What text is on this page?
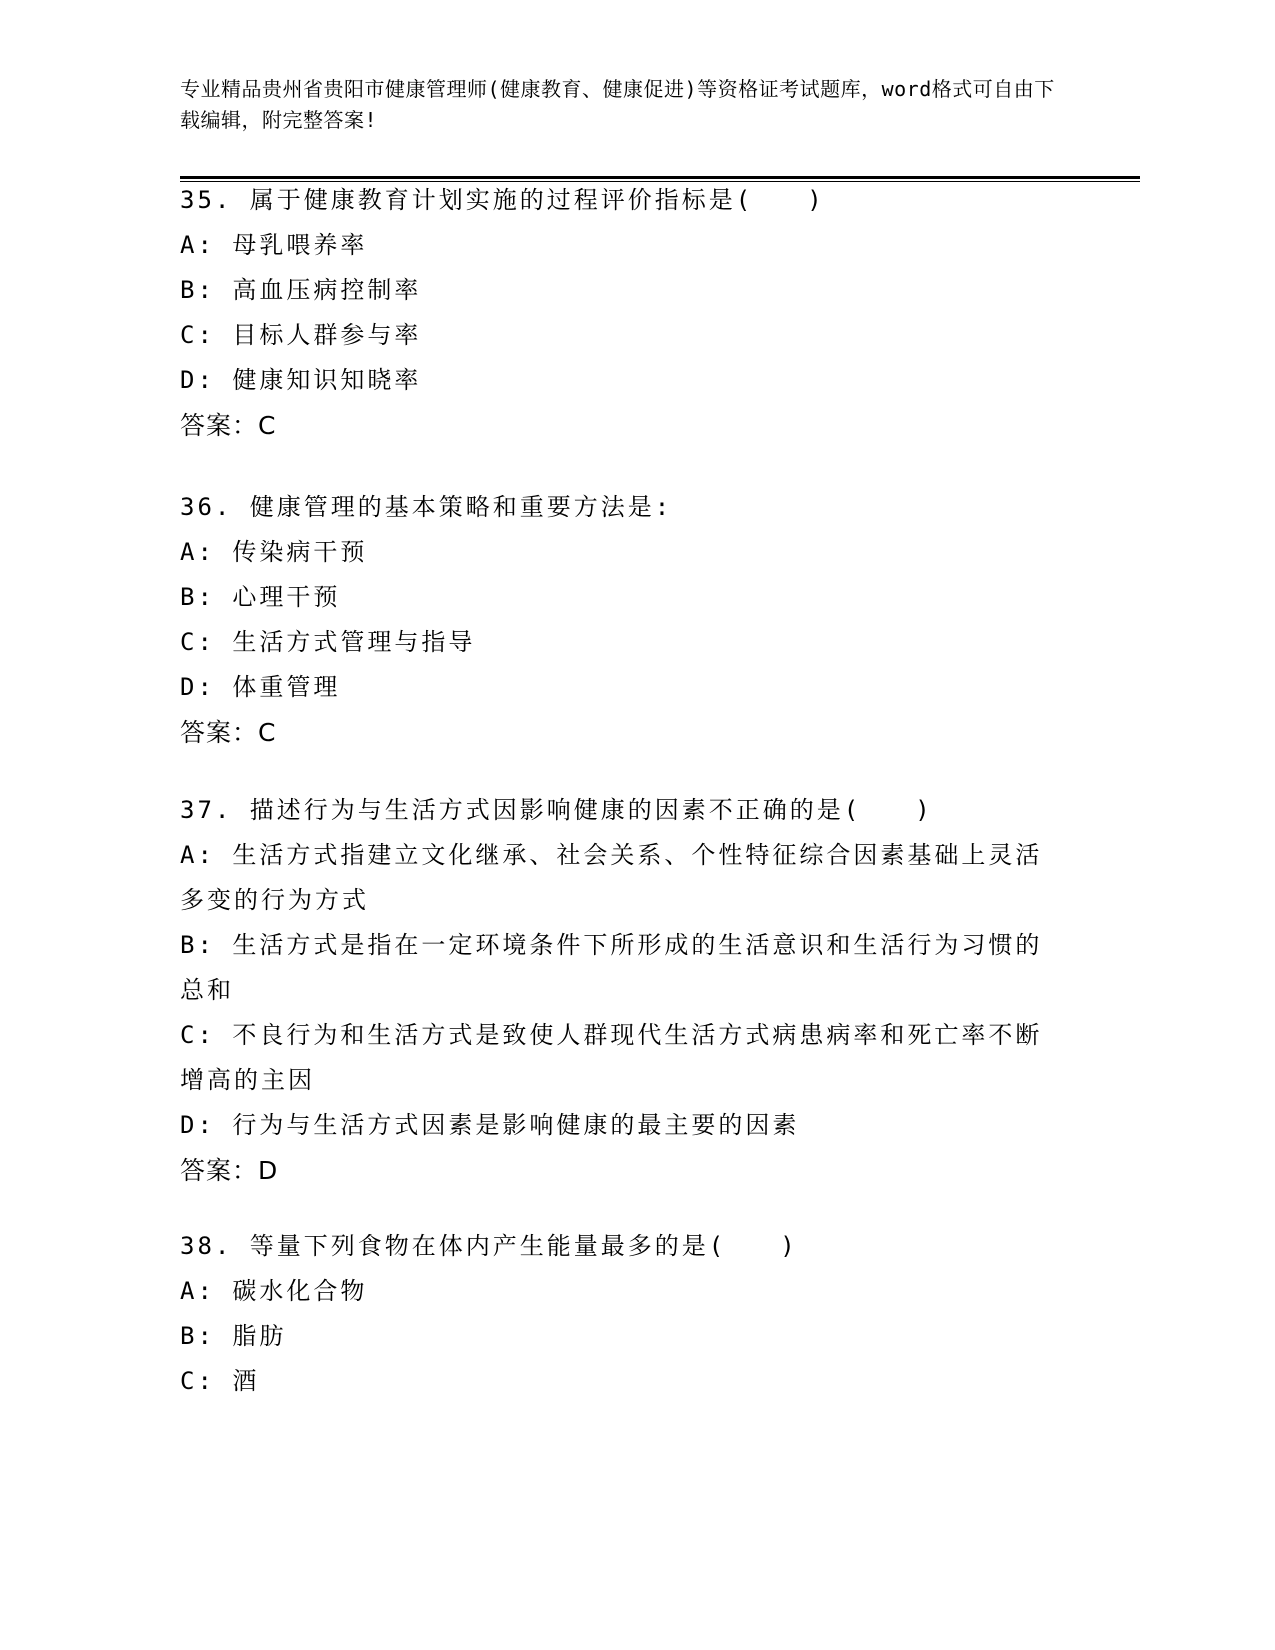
专业精品贵州省贵阳市健康管理师(健康教育、健康促进)等资格证考试题库，word格式可自由下载编辑，附完整答案!
35. 属于健康教育计划实施的过程评价指标是(　　)
A: 母乳喂养率
B: 高血压病控制率
C: 目标人群参与率
D: 健康知识知晓率
答案：C
36. 健康管理的基本策略和重要方法是:
A: 传染病干预
B: 心理干预
C: 生活方式管理与指导
D: 体重管理
答案：C
37. 描述行为与生活方式因影响健康的因素不正确的是(　　)
A: 生活方式指建立文化继承、社会关系、个性特征综合因素基础上灵活多变的行为方式
B: 生活方式是指在一定环境条件下所形成的生活意识和生活行为习惯的总和
C: 不良行为和生活方式是致使人群现代生活方式病患病率和死亡率不断增高的主因
D: 行为与生活方式因素是影响健康的最主要的因素
答案：D
38. 等量下列食物在体内产生能量最多的是(　　)
A: 碳水化合物
B: 脂肪
C: 酒
